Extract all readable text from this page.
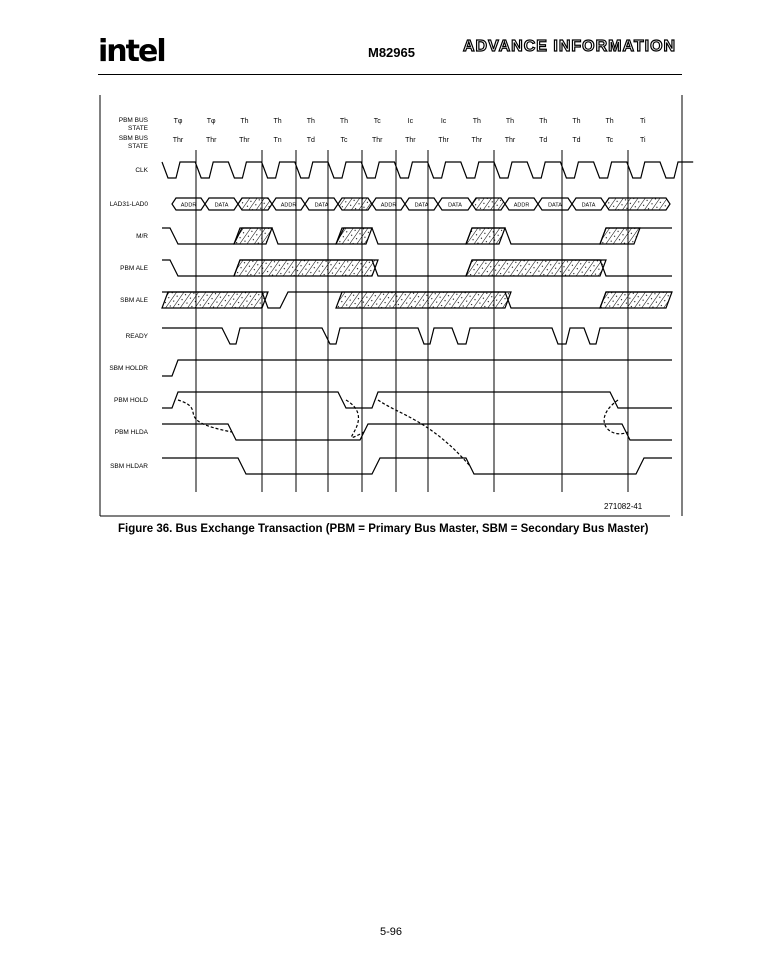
intel	M82965	ADVANCE INFORMATION
PBM BUS
STATE
SBM BUS
STATE
Tφ	Tφ	Th	Th	Th	Th	Tc	Ic	Ic	Th	Th	Th	Th	Th	Ti
Thr	Thr	Thr	Tn	Td	Tc	Thr	Thr	Thr	Thr	Thr	Td	Td	Tc	Ti
CLK
LAD31-LAD0
M/R
PBM ALE
SBM ALE
READY
SBM HOLDR
PBM HOLD
PBM HLDA
SBM HLDAR
ADDR	DATA	ADDR	DATA	ADDR	DATA	DATA	ADDR	DATA	DATA
271082-41
Figure 36. Bus Exchange Transaction (PBM = Primary Bus Master, SBM = Secondary Bus Master)
5-96
